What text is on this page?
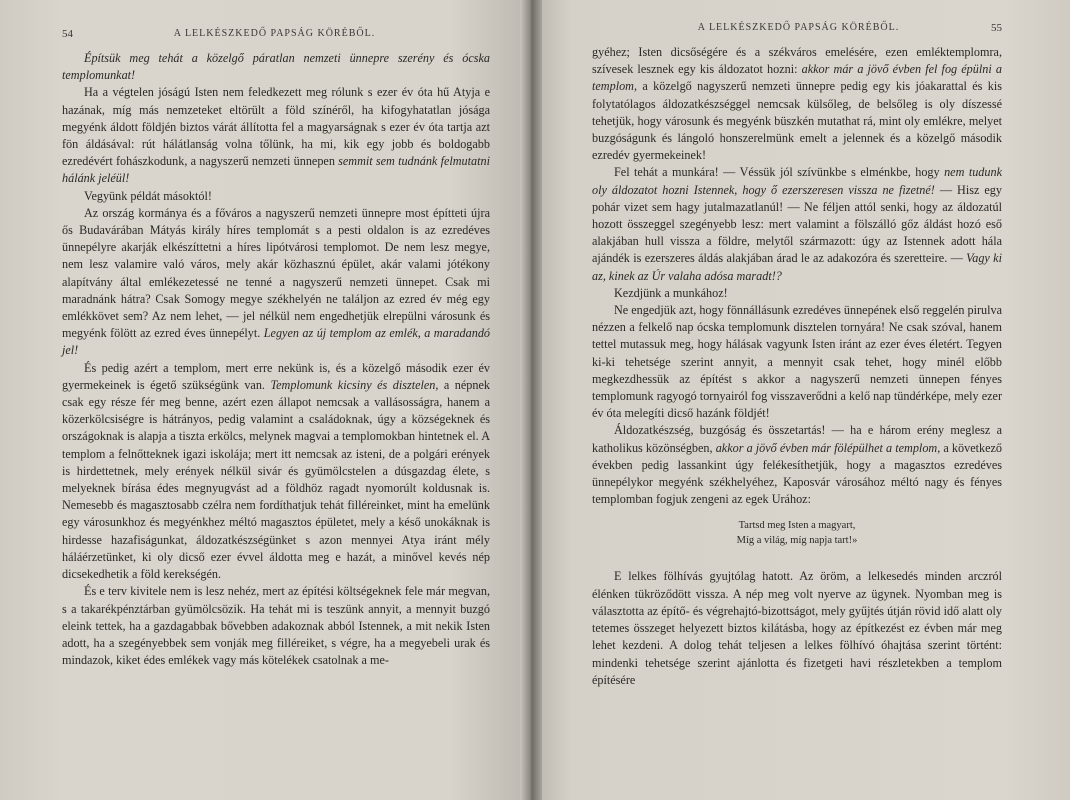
54	A LELKÉSZKEDŐ PAPSÁG KÖRÉBŐL.

Építsük meg tehát a közelgő páratlan nemzeti ünnepre szerény és ócska templomunkat!

Ha a végtelen jóságú Isten nem feledkezett meg rólunk s ezer év óta hű Atyja e hazának, míg más nemzeteket eltörült a föld színéről, ha kifogyhatatlan jósága megyénk áldott földjén biztos várát állította fel a magyarságnak s ezer év óta tartja azt fön áldásával: rút hálátlanság volna tőlünk, ha mi, kik egy jobb és boldogabb ezredévért fohászkodunk, a nagyszerű nemzeti ünnepen semmit sem tudnánk felmutatni hálánk jeléül!

Vegyünk példát másoktól!

Az ország kormánya és a főváros a nagyszerű nemzeti ünnepre most építteti újra ős Budavárában Mátyás király híres templomát s a pesti oldalon is az ezredéves ünnepélyre akarják elkészíttetni a híres lipótvárosi templomot. De nem lesz megye, nem lesz valamire való város, mely akár közhasznú épület, akár valami jótékony alapítvány által emlékezetessé ne tenné a nagyszerű nemzeti ünnepet. Csak mi maradnánk hátra? Csak Somogy megye székhelyén ne találjon az ezred év még egy emlékkövet sem? Az nem lehet, — jel nélkül nem engedhetjük elrepülni városunk és megyénk fölött az ezred éves ünnepélyt. Legyen az új templom az emlék, a maradandó jel!

És pedig azért a templom, mert erre nekünk is, és a közelgő második ezer év gyermekeinek is égető szükségünk van. Templomunk kicsiny és disztelen, a népnek csak egy része fér meg benne, azért ezen állapot nemcsak a vallásosságra, hanem a közerkölcsiségre is hátrányos, pedig valamint a családoknak, úgy a községeknek és országoknak is alapja a tiszta erkölcs, melynek magvai a templomokban hintetnek el. A templom a felnőtteknek igazi iskolája; mert itt nemcsak az isteni, de a polgári erények is hirdettetnek, mely erények nélkül sivár és gyümölcstelen a dúsgazdag élete, s melyeknek bírása édes megnyugvást ad a földhöz ragadt nyomorúlt koldusnak is. Nemesebb és magasztosabb czélra nem fordíthatjuk tehát filléreinket, mint ha emelünk egy városunkhoz és megyénkhez méltó magasztos épületet, mely a késő unokáknak is hirdesse hazafiságunkat, áldozatkészségünket s azon mennyei Atya iránt mély háláérzetünket, ki oly dicső ezer évvel áldotta meg e hazát, a minővel kevés nép dicsekedhetik a föld kerekségén.

És e terv kivitele nem is lesz nehéz, mert az építési költségeknek fele már megvan, s a takarékpénztárban gyümölcsözik. Ha tehát mi is teszünk annyit, a mennyit buzgó eleink tettek, ha a gazdagabbak bővebben adakoznak abból Istennek, a mit nekik Isten adott, ha a szegényebbek sem vonják meg filléreiket, s végre, ha a megyebeli urak és mindazok, kiket édes emlékek vagy más kötelékek csatolnak a me-

A LELKÉSZKEDŐ PAPSÁG KÖRÉBŐL.	55

gyéhez; Isten dicsőségére és a székváros emelésére, ezen emléktemplomra, szívesek lesznek egy kis áldozatot hozni: akkor már a jövő évben fel fog épülni a templom, a közelgő nagyszerű nemzeti ünnepre pedig egy kis jóakarattal és kis folytatólagos áldozatkészséggel nemcsak külsőleg, de belsőleg is oly díszessé tehetjük, hogy városunk és megyénk büszkén mutathat rá, mint oly emlékre, melyet buzgóságunk és lángoló honszerelmünk emelt a jelennek és a közelgő második ezredév gyermekeinek!

Fel tehát a munkára! — Véssük jól szívünkbe s elménkbe, hogy nem tudunk oly áldozatot hozni Istennek, hogy ő ezerszeresen vissza ne fizetné! — Hisz egy pohár vizet sem hagy jutalmazatlanúl! — Ne féljen attól senki, hogy az áldozatúl hozott összeggel szegényebb lesz: mert valamint a fölszálló gőz áldást hozó eső alakjában hull vissza a földre, melytől származott: úgy az Istennek adott hála ajándék is ezerszeres áldás alakjában árad le az adakozóra és szeretteire. — Vagy ki az, kinek az Úr valaha adósa maradt!?

Kezdjünk a munkához!

Ne engedjük azt, hogy fönnállásunk ezredéves ünnepének első reggelén pirulva nézzen a felkelő nap ócska templomunk disztelen tornyára! Ne csak szóval, hanem tettel mutassuk meg, hogy hálásak vagyunk Isten iránt az ezer éves életért. Tegyen ki-ki tehetsége szerint annyit, a mennyit csak tehet, hogy minél előbb megkezdhessük az építést s akkor a nagyszerű nemzeti ünnepen fényes templomunk ragyogó tornyairól fog visszaverődni a kelő nap tündérképe, mely ezer év óta melegíti dicső hazánk földjét!

Áldozatkészség, buzgóság és összetartás! — ha e három erény meglesz a katholikus közönségben, akkor a jövő évben már fölépülhet a templom, a következő években pedig lassankint úgy felékesíthetjük, hogy a magasztos ezredéves ünnepélykor megyénk székhelyéhez, Kaposvár városához méltó nagy és fényes templomban fogjuk zengeni az egek Urához:

Tartsd meg Isten a magyart,
Míg a világ, míg napja tart!»

E lelkes fölhívás gyujtólag hatott. Az öröm, a lelkesedés minden arczról élénken tükröződött vissza. A nép meg volt nyerve az ügynek. Nyomban meg is választotta az építő- és végrehajtó-bizottságot, mely gyűjtés útján rövid idő alatt oly tetemes összeget helyezett biztos kilátásba, hogy az építkezést ez évben már meg lehet kezdeni. A dolog tehát teljesen a lelkes fölhívó óhajtása szerint történt: mindenki tehetsége szerint ajánlotta és fizetgeti havi részletekben a templom építésére
